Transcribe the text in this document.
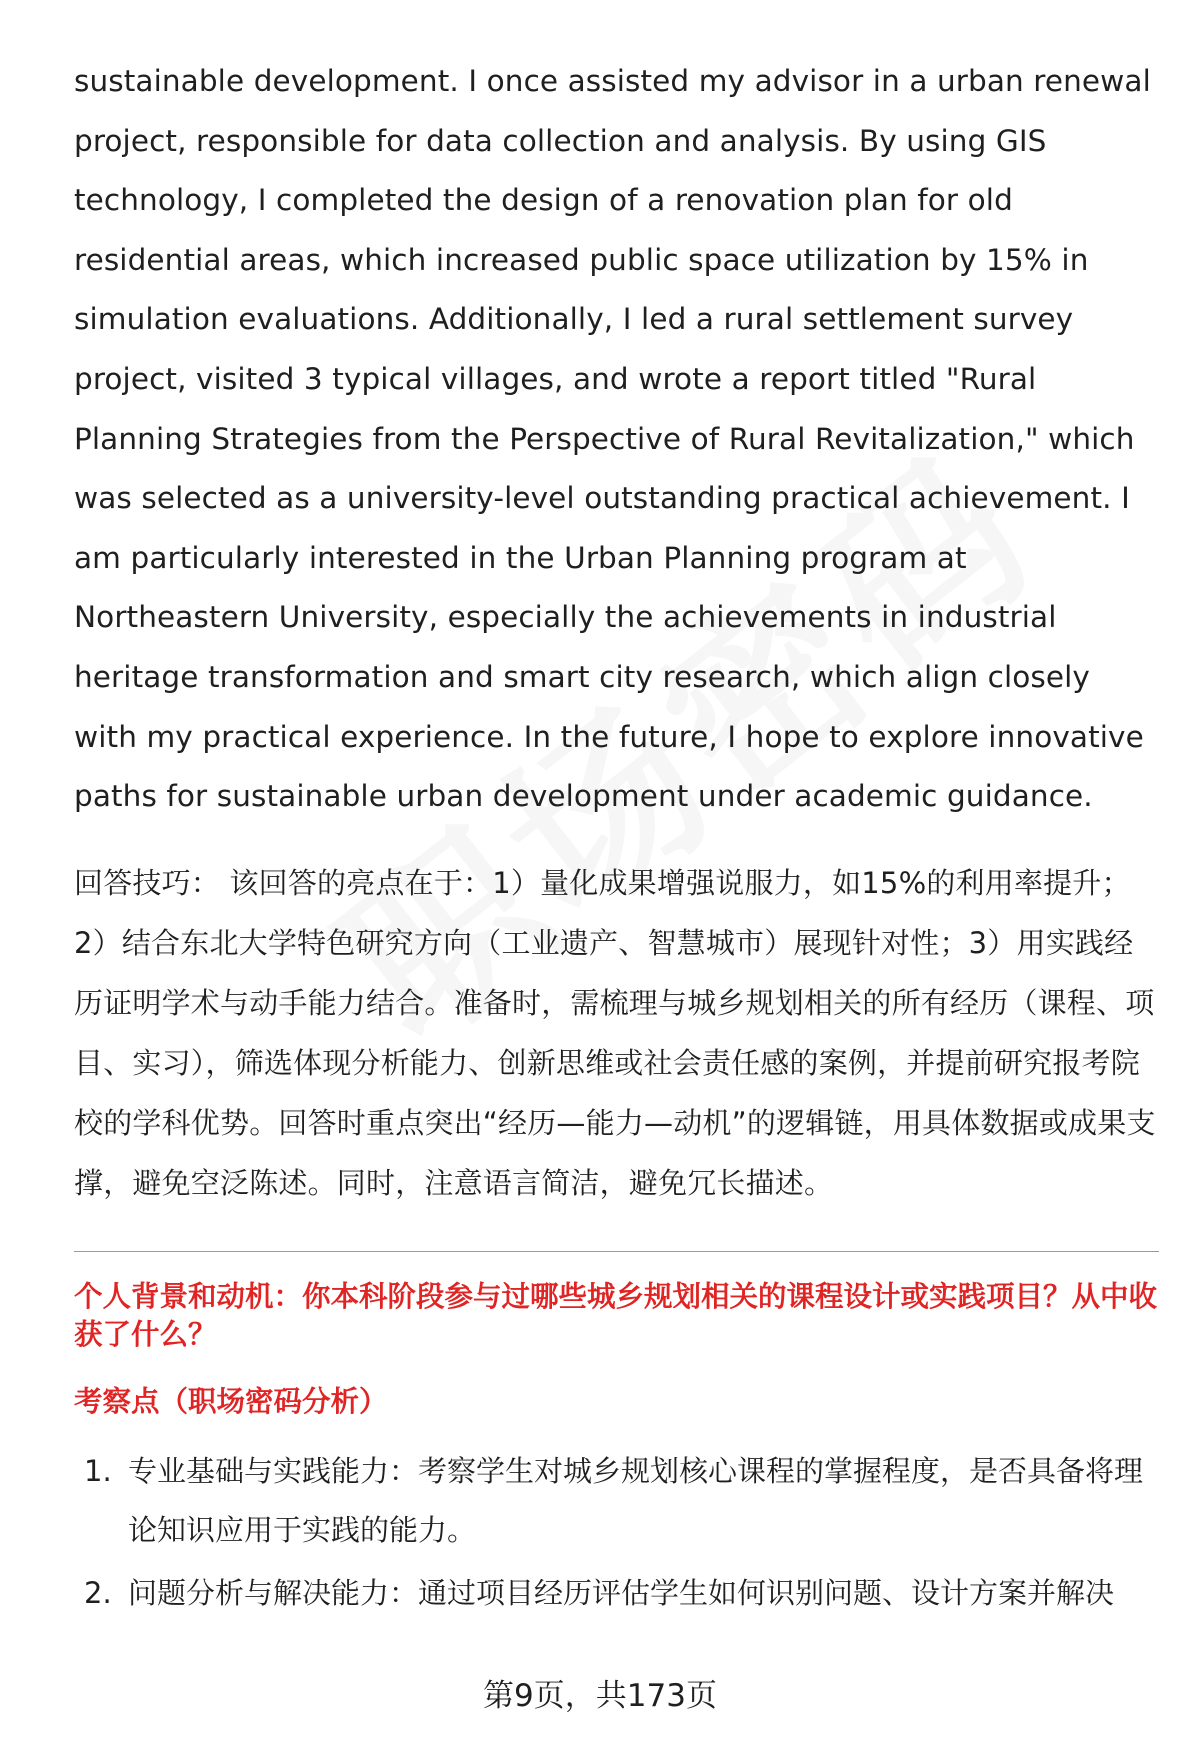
sustainable development. I once assisted my advisor in a urban renewal project, responsible for data collection and analysis. By using GIS technology, I completed the design of a renovation plan for old residential areas, which increased public space utilization by 15% in simulation evaluations. Additionally, I led a rural settlement survey project, visited 3 typical villages, and wrote a report titled "Rural Planning Strategies from the Perspective of Rural Revitalization," which was selected as a university-level outstanding practical achievement. I am particularly interested in the Urban Planning program at Northeastern University, especially the achievements in industrial heritage transformation and smart city research, which align closely with my practical experience. In the future, I hope to explore innovative paths for sustainable urban development under academic guidance.

回答技巧： 该回答的亮点在于：1）量化成果增强说服力，如15%的利用率提升；2）结合东北大学特色研究方向（工业遗产、智慧城市）展现针对性；3）用实践经历证明学术与动手能力结合。准备时，需梳理与城乡规划相关的所有经历（课程、项目、实习），筛选体现分析能力、创新思维或社会责任感的案例，并提前研究报考院校的学科优势。回答时重点突出“经历—能力—动机”的逻辑链，用具体数据或成果支撑，避免空泛陈述。同时，注意语言简洁，避免冗长描述。

个人背景和动机：你本科阶段参与过哪些城乡规划相关的课程设计或实践项目？从中收获了什么？
考察点（职场密码分析）
1. 专业基础与实践能力：考察学生对城乡规划核心课程的掌握程度，是否具备将理论知识应用于实践的能力。
2. 问题分析与解决能力：通过项目经历评估学生如何识别问题、设计方案并解决
第9页，共173页
